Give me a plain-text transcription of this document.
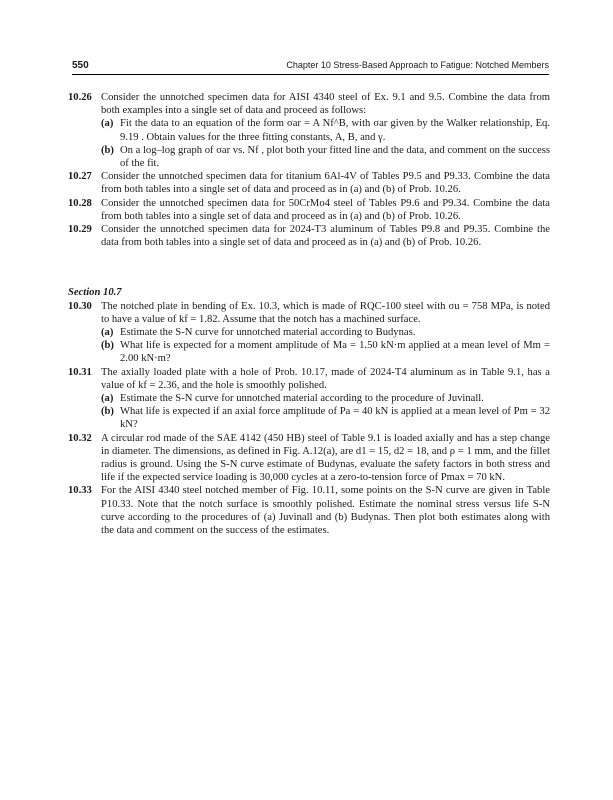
550	Chapter 10 Stress-Based Approach to Fatigue: Notched Members
10.26 Consider the unnotched specimen data for AISI 4340 steel of Ex. 9.1 and 9.5. Combine the data from both examples into a single set of data and proceed as follows:
(a) Fit the data to an equation of the form σar = A Nf^B, with σar given by the Walker relationship, Eq. 9.19 . Obtain values for the three fitting constants, A, B, and γ.
(b) On a log–log graph of σar vs. Nf , plot both your fitted line and the data, and comment on the success of the fit.
10.27 Consider the unnotched specimen data for titanium 6Al-4V of Tables P9.5 and P9.33. Combine the data from both tables into a single set of data and proceed as in (a) and (b) of Prob. 10.26.
10.28 Consider the unnotched specimen data for 50CrMo4 steel of Tables P9.6 and P9.34. Combine the data from both tables into a single set of data and proceed as in (a) and (b) of Prob. 10.26.
10.29 Consider the unnotched specimen data for 2024-T3 aluminum of Tables P9.8 and P9.35. Combine the data from both tables into a single set of data and proceed as in (a) and (b) of Prob. 10.26.
Section 10.7
10.30 The notched plate in bending of Ex. 10.3, which is made of RQC-100 steel with σu = 758 MPa, is noted to have a value of kf = 1.82. Assume that the notch has a machined surface.
(a) Estimate the S-N curve for unnotched material according to Budynas.
(b) What life is expected for a moment amplitude of Ma = 1.50 kN·m applied at a mean level of Mm = 2.00 kN·m?
10.31 The axially loaded plate with a hole of Prob. 10.17, made of 2024-T4 aluminum as in Table 9.1, has a value of kf = 2.36, and the hole is smoothly polished.
(a) Estimate the S-N curve for unnotched material according to the procedure of Juvinall.
(b) What life is expected if an axial force amplitude of Pa = 40 kN is applied at a mean level of Pm = 32 kN?
10.32 A circular rod made of the SAE 4142 (450 HB) steel of Table 9.1 is loaded axially and has a step change in diameter. The dimensions, as defined in Fig. A.12(a), are d1 = 15, d2 = 18, and ρ = 1 mm, and the fillet radius is ground. Using the S-N curve estimate of Budynas, evaluate the safety factors in both stress and life if the expected service loading is 30,000 cycles at a zero-to-tension force of Pmax = 70 kN.
10.33 For the AISI 4340 steel notched member of Fig. 10.11, some points on the S-N curve are given in Table P10.33. Note that the notch surface is smoothly polished. Estimate the nominal stress versus life S-N curve according to the procedures of (a) Juvinall and (b) Budynas. Then plot both estimates along with the data and comment on the success of the estimates.
